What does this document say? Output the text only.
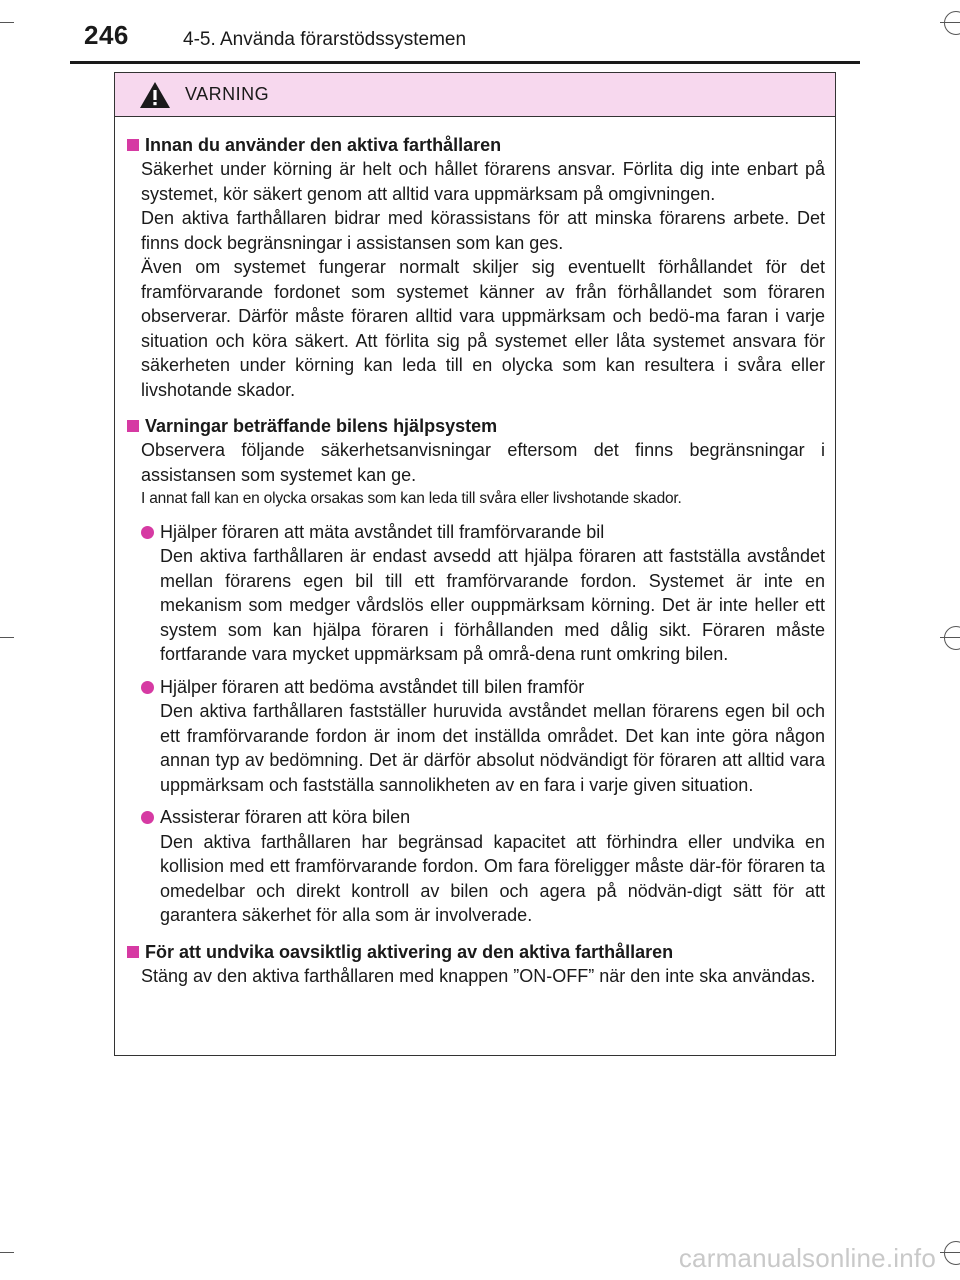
246	4-5. Använda förarstödssystemen
VARNING
Innan du använder den aktiva farthållaren

Säkerhet under körning är helt och hållet förarens ansvar. Förlita dig inte enbart på systemet, kör säkert genom att alltid vara uppmärksam på omgivningen.

Den aktiva farthållaren bidrar med körassistans för att minska förarens arbete. Det finns dock begränsningar i assistansen som kan ges.

Även om systemet fungerar normalt skiljer sig eventuellt förhållandet för det framförvarande fordonet som systemet känner av från förhållandet som föraren observerar. Därför måste föraren alltid vara uppmärksam och bedö-ma faran i varje situation och köra säkert. Att förlita sig på systemet eller låta systemet ansvara för säkerheten under körning kan leda till en olycka som kan resultera i svåra eller livshotande skador.

Varningar beträffande bilens hjälpsystem

Observera följande säkerhetsanvisningar eftersom det finns begränsningar i assistansen som systemet kan ge.

I annat fall kan en olycka orsakas som kan leda till svåra eller livshotande skador.

Hjälper föraren att mäta avståndet till framförvarande bil
Den aktiva farthållaren är endast avsedd att hjälpa föraren att fastställa avståndet mellan förarens egen bil till ett framförvarande fordon. Systemet är inte en mekanism som medger vårdslös eller ouppmärksam körning. Det är inte heller ett system som kan hjälpa föraren i förhållanden med dålig sikt. Föraren måste fortfarande vara mycket uppmärksam på områ-dena runt omkring bilen.
Hjälper föraren att bedöma avståndet till bilen framför
Den aktiva farthållaren fastställer huruvida avståndet mellan förarens egen bil och ett framförvarande fordon är inom det inställda området. Det kan inte göra någon annan typ av bedömning. Det är därför absolut nödvändigt för föraren att alltid vara uppmärksam och fastställa sannolikheten av en fara i varje given situation.
Assisterar föraren att köra bilen
Den aktiva farthållaren har begränsad kapacitet att förhindra eller undvika en kollision med ett framförvarande fordon. Om fara föreligger måste där-för föraren ta omedelbar och direkt kontroll av bilen och agera på nödvän-digt sätt för att garantera säkerhet för alla som är involverade.
För att undvika oavsiktlig aktivering av den aktiva farthållaren

Stäng av den aktiva farthållaren med knappen ”ON-OFF” när den inte ska användas.

carmanualsonline.info
